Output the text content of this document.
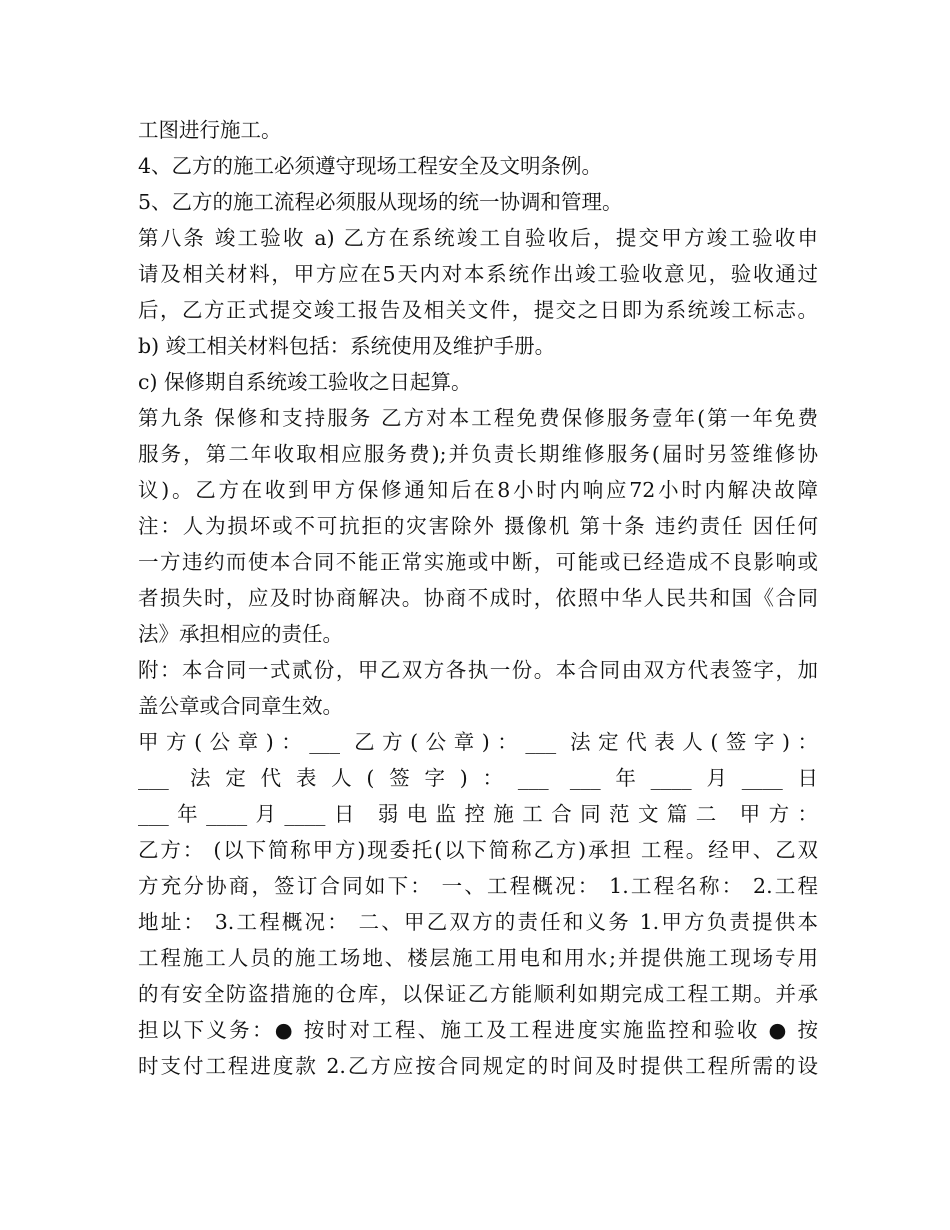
工图进行施工。
4、乙方的施工必须遵守现场工程安全及文明条例。
5、乙方的施工流程必须服从现场的统一协调和管理。
第八条 竣工验收 a) 乙方在系统竣工自验收后，提交甲方竣工验收申
请及相关材料，甲方应在5天内对本系统作出竣工验收意见，验收通过
后，乙方正式提交竣工报告及相关文件，提交之日即为系统竣工标志。
b) 竣工相关材料包括：系统使用及维护手册。
c) 保修期自系统竣工验收之日起算。
第九条 保修和支持服务 乙方对本工程免费保修服务壹年(第一年免费
服务，第二年收取相应服务费);并负责长期维修服务(届时另签维修协
议)。乙方在收到甲方保修通知后在8小时内响应72小时内解决故障
注：人为损坏或不可抗拒的灾害除外 摄像机 第十条 违约责任 因任何
一方违约而使本合同不能正常实施或中断，可能或已经造成不良影响或
者损失时，应及时协商解决。协商不成时，依照中华人民共和国《合同
法》承担相应的责任。
附：本合同一式贰份，甲乙双方各执一份。本合同由双方代表签字，加
盖公章或合同章生效。
甲方(公章)：___ 乙方(公章)：___ 法定代表人(签字)：
___ 法定代表人(签字)：___ ___年____月____日
___年____月____日 弱电监控施工合同范文篇二 甲方：
乙方： (以下简称甲方)现委托(以下简称乙方)承担 工程。经甲、乙双
方充分协商，签订合同如下： 一、工程概况： 1.工程名称： 2.工程
地址： 3.工程概况： 二、甲乙双方的责任和义务 1.甲方负责提供本
工程施工人员的施工场地、楼层施工用电和用水;并提供施工现场专用
的有安全防盗措施的仓库，以保证乙方能顺利如期完成工程工期。并承
担以下义务：● 按时对工程、施工及工程进度实施监控和验收 ● 按
时支付工程进度款 2.乙方应按合同规定的时间及时提供工程所需的设
